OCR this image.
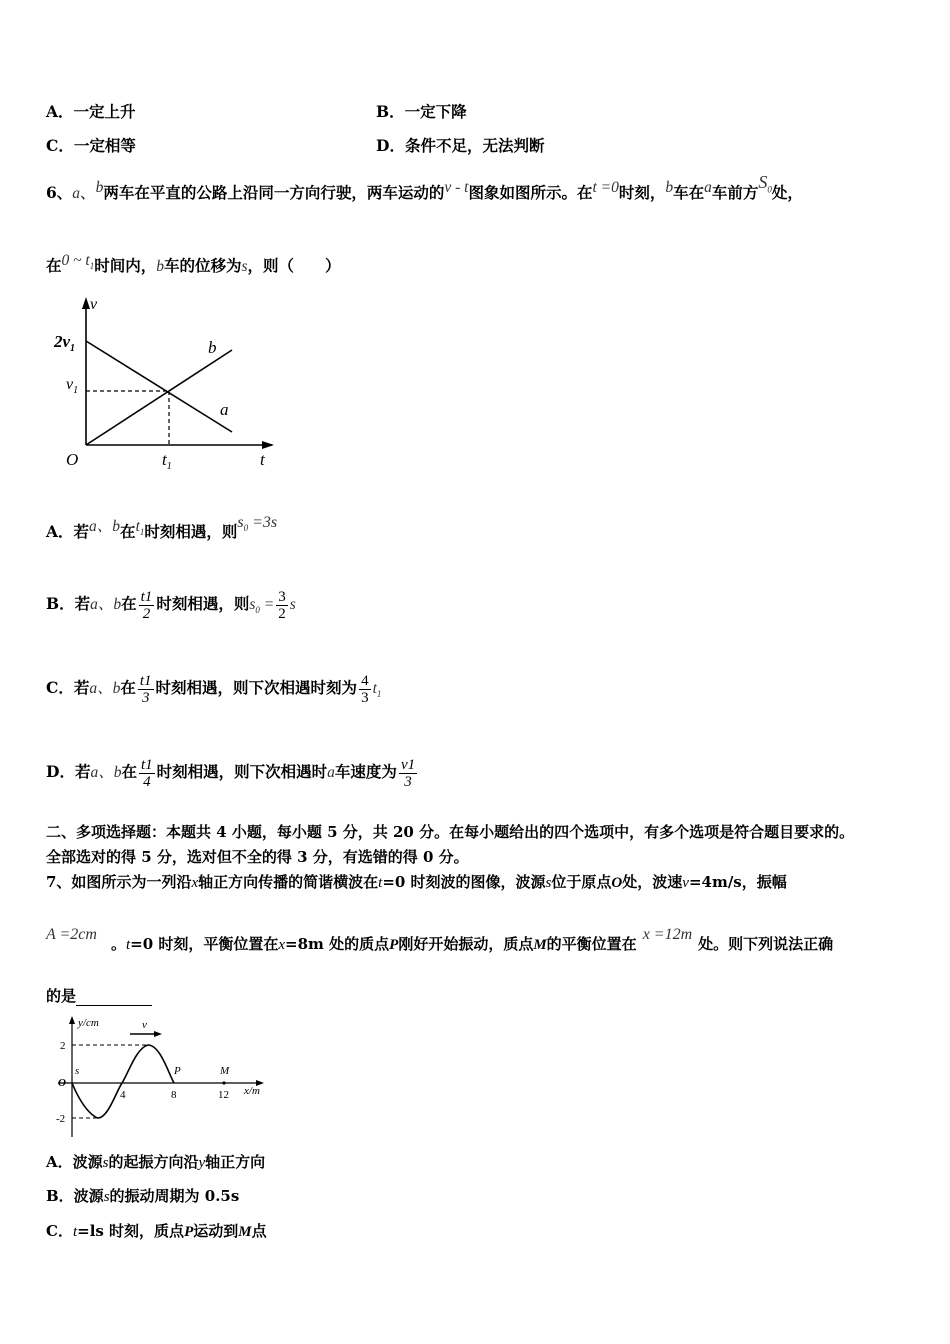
A．一定上升	B．一定下降
C．一定相等	D．条件不足，无法判断
6、a、b两车在平直的公路上沿同一方向行驶，两车运动的v - t图象如图所示。在t =0时刻，b车在a车前方$S_0$处，
在0 ~ $t_1$时间内，b车的位移为s，则（　　）
v
$2v_1$
$v_1$
O	$t_1$	t
b
a
A．若a、b在$t_1$时刻相遇，则$s_0 =3s$
B．若a、b在 $\frac{t1}{2}$ 时刻相遇，则$s_0 = \frac{3}{2}$ s
C．若a、b在 $\frac{t1}{3}$ 时刻相遇，则下次相遇时刻为 $\frac{4}{3} t_1$
D．若a、b在 $\frac{t1}{4}$ 时刻相遇，则下次相遇时a车速度为 $\frac{v1}{3}$
二、多项选择题：本题共 4 小题，每小题 5 分，共 20 分。在每小题给出的四个选项中，有多个选项是符合题目要求的。
全部选对的得 5 分，选对但不全的得 3 分，有选错的得 0 分。
7、如图所示为一列沿x轴正方向传播的简谐横波在t=0 时刻波的图像，波源s位于原点O处，波速v=4m/s，振幅
A =2cm。t=0 时刻，平衡位置在x=8m 处的质点P刚好开始振动，质点M的平衡位置在x =12m处。则下列说法正确
的是
v
y/cm
2
-2
O
s
4	8	12 x/m
P	M
A．波源s的起振方向沿y轴正方向
B．波源s的振动周期为 0.5s
C．t=ls 时刻，质点P运动到M点
